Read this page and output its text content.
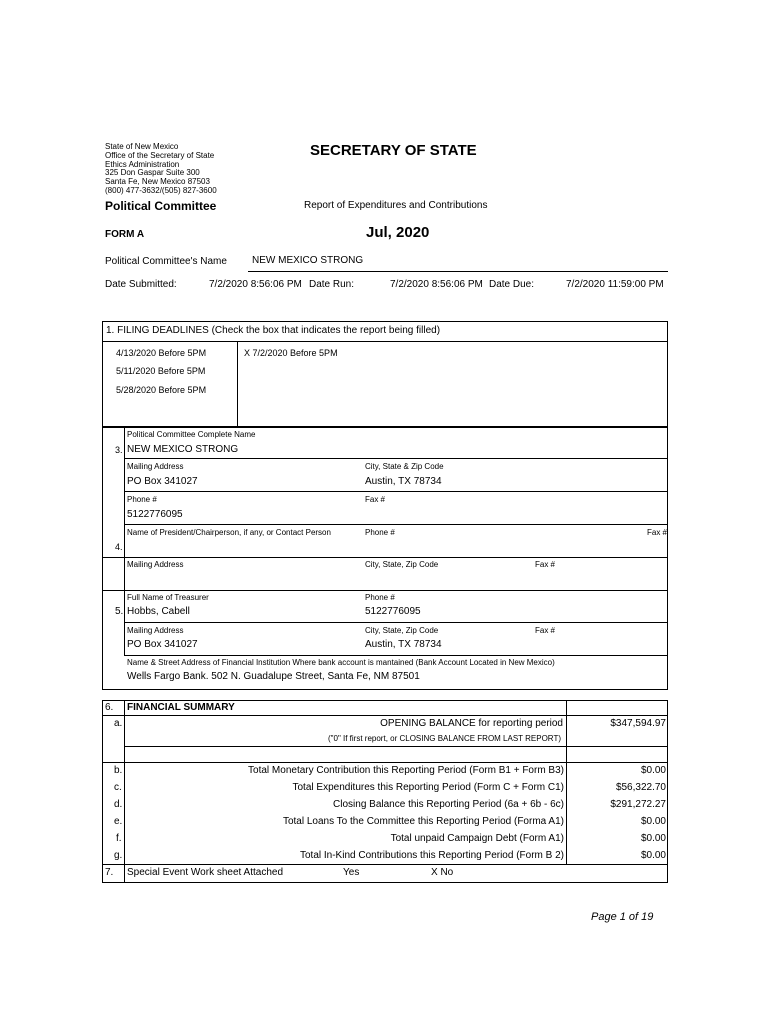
State of New Mexico
Office of the Secretary of State
Ethics Administration
325 Don Gaspar Suite 300
Santa Fe, New Mexico 87503
(800) 477-3632/(505) 827-3600
SECRETARY OF STATE
Political Committee	Report of Expenditures and Contributions
FORM A	Jul, 2020
Political Committee's Name	NEW MEXICO STRONG
Date Submitted:	7/2/2020 8:56:06 PM Date Run:	7/2/2020 8:56:06 PM Date Due:	7/2/2020 11:59:00 PM
1. FILING DEADLINES (Check the box that indicates the report being filled)
4/13/2020 Before 5PM
5/11/2020 Before 5PM
5/28/2020 Before 5PM
X 7/2/2020 Before 5PM
3.
Political Committee Complete Name
NEW MEXICO STRONG
Mailing Address	City, State & Zip Code
PO Box 341027	Austin, TX 78734
Phone #	Fax #
5122776095
4.
Name of President/Chairperson, if any, or Contact Person	Phone #	Fax #
Mailing Address	City, State, Zip Code	Fax #
5.
Full Name of Treasurer	Phone #
Hobbs, Cabell	5122776095
Mailing Address	City, State, Zip Code	Fax #
PO Box 341027	Austin, TX 78734
Name & Street Address of Financial Institution Where bank account is mantained (Bank Account Located in New Mexico)
Wells Fargo Bank. 502 N. Guadalupe Street, Santa Fe, NM 87501
6. FINANCIAL SUMMARY
a.	OPENING BALANCE for reporting period
("0" If first report, or CLOSING BALANCE FROM LAST REPORT)
$347,594.97
b.	Total Monetary Contribution this Reporting Period (Form B1 + Form B3)	$0.00
c.	Total Expenditures this Reporting Period (Form C + Form C1)	$56,322.70
d.	Closing Balance this Reporting Period (6a + 6b - 6c)	$291,272.27
e.	Total Loans To the Committee this Reporting Period (Forma A1)	$0.00
f.	Total unpaid Campaign Debt (Form A1)	$0.00
g.	Total In-Kind Contributions this Reporting Period (Form B 2)	$0.00
7. Special Event Work sheet Attached	Yes	X No
Page 1 of 19
